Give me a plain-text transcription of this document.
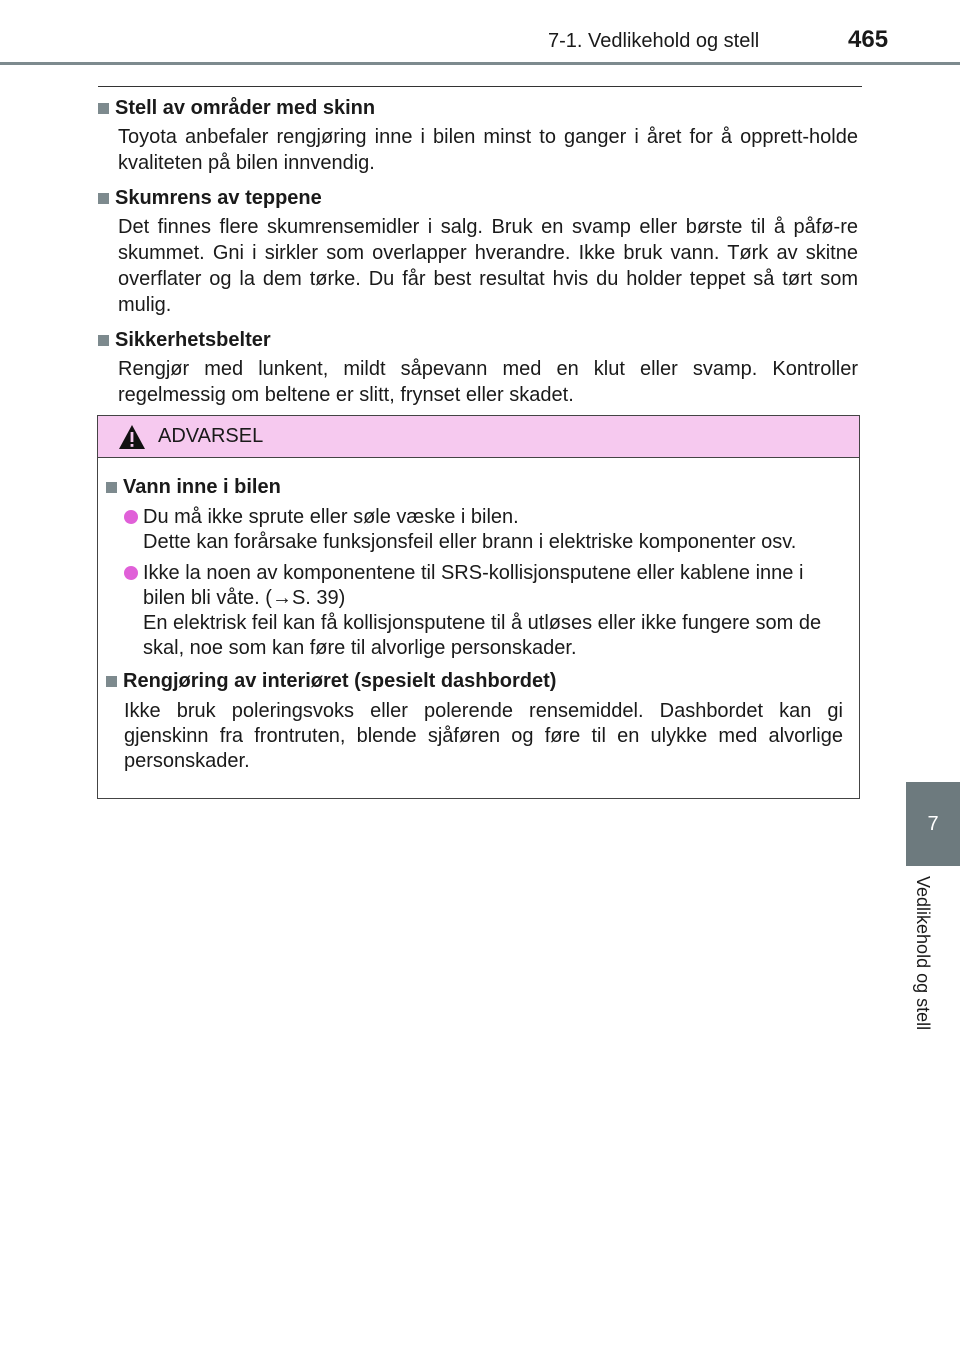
7-1. Vedlikehold og stell	465
7
Vedlikehold og stell
Stell av områder med skinn
Toyota anbefaler rengjøring inne i bilen minst to ganger i året for å opprett-holde kvaliteten på bilen innvendig.
Skumrens av teppene
Det finnes flere skumrensemidler i salg. Bruk en svamp eller børste til å påfø-re skummet. Gni i sirkler som overlapper hverandre. Ikke bruk vann. Tørk av skitne overflater og la dem tørke. Du får best resultat hvis du holder teppet så tørt som mulig.
Sikkerhetsbelter
Rengjør med lunkent, mildt såpevann med en klut eller svamp. Kontroller regelmessig om beltene er slitt, frynset eller skadet.
ADVARSEL
Vann inne i bilen
Du må ikke sprute eller søle væske i bilen.
Dette kan forårsake funksjonsfeil eller brann i elektriske komponenter osv.
Ikke la noen av komponentene til SRS-kollisjonsputene eller kablene inne i bilen bli våte. (→S. 39)
En elektrisk feil kan få kollisjonsputene til å utløses eller ikke fungere som de skal, noe som kan føre til alvorlige personskader.
Rengjøring av interiøret (spesielt dashbordet)
Ikke bruk poleringsvoks eller polerende rensemiddel. Dashbordet kan gi gjenskinn fra frontruten, blende sjåføren og føre til en ulykke med alvorlige personskader.
